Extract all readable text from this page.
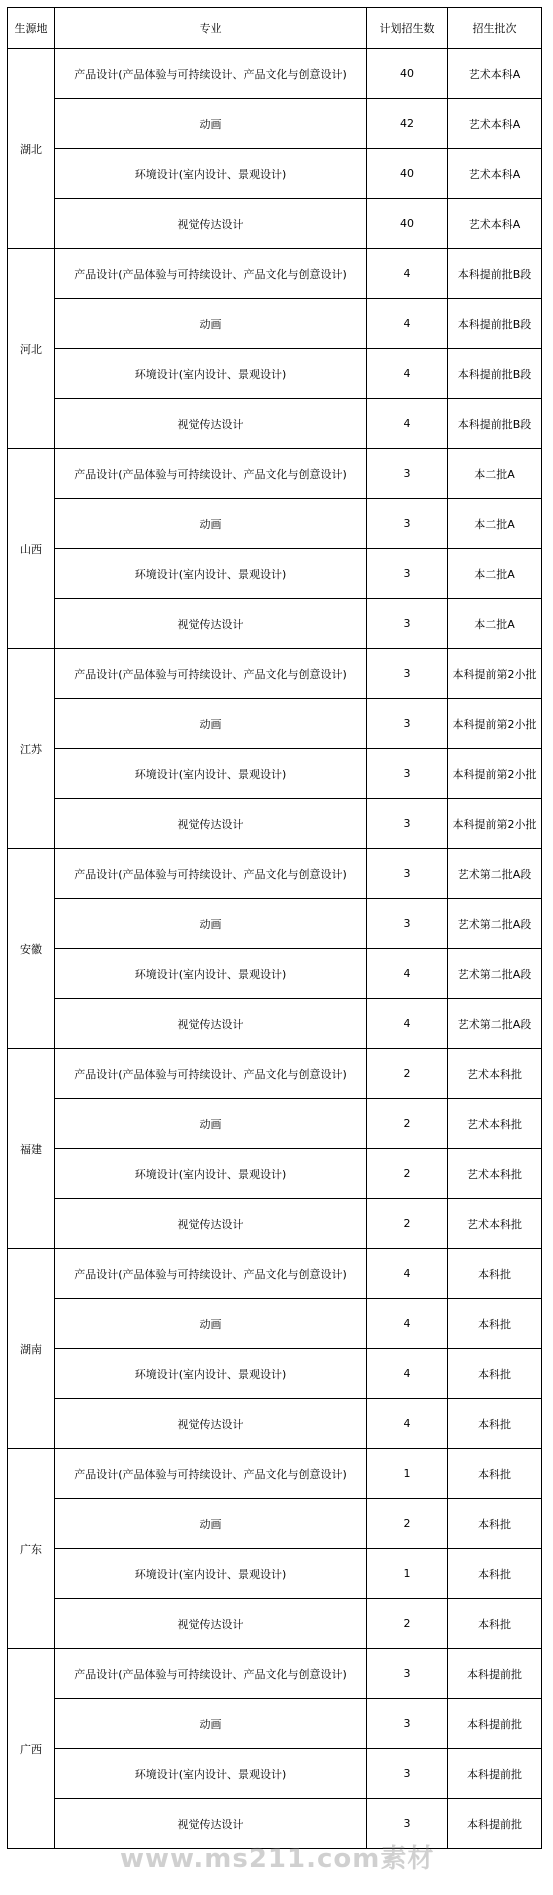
生源地	专业	计划招生数	招生批次
湖北	产品设计(产品体验与可持续设计、产品文化与创意设计)	40	艺术本科A
	动画	42	艺术本科A
	环境设计(室内设计、景观设计)	40	艺术本科A
	视觉传达设计	40	艺术本科A
河北	产品设计(产品体验与可持续设计、产品文化与创意设计)	4	本科提前批B段
	动画	4	本科提前批B段
	环境设计(室内设计、景观设计)	4	本科提前批B段
	视觉传达设计	4	本科提前批B段
山西	产品设计(产品体验与可持续设计、产品文化与创意设计)	3	本二批A
	动画	3	本二批A
	环境设计(室内设计、景观设计)	3	本二批A
	视觉传达设计	3	本二批A
江苏	产品设计(产品体验与可持续设计、产品文化与创意设计)	3	本科提前第2小批
	动画	3	本科提前第2小批
	环境设计(室内设计、景观设计)	3	本科提前第2小批
	视觉传达设计	3	本科提前第2小批
安徽	产品设计(产品体验与可持续设计、产品文化与创意设计)	3	艺术第二批A段
	动画	3	艺术第二批A段
	环境设计(室内设计、景观设计)	4	艺术第二批A段
	视觉传达设计	4	艺术第二批A段
福建	产品设计(产品体验与可持续设计、产品文化与创意设计)	2	艺术本科批
	动画	2	艺术本科批
	环境设计(室内设计、景观设计)	2	艺术本科批
	视觉传达设计	2	艺术本科批
湖南	产品设计(产品体验与可持续设计、产品文化与创意设计)	4	本科批
	动画	4	本科批
	环境设计(室内设计、景观设计)	4	本科批
	视觉传达设计	4	本科批
广东	产品设计(产品体验与可持续设计、产品文化与创意设计)	1	本科批
	动画	2	本科批
	环境设计(室内设计、景观设计)	1	本科批
	视觉传达设计	2	本科批
广西	产品设计(产品体验与可持续设计、产品文化与创意设计)	3	本科提前批
	动画	3	本科提前批
	环境设计(室内设计、景观设计)	3	本科提前批
	视觉传达设计	3	本科提前批
www.ms211.com素材
